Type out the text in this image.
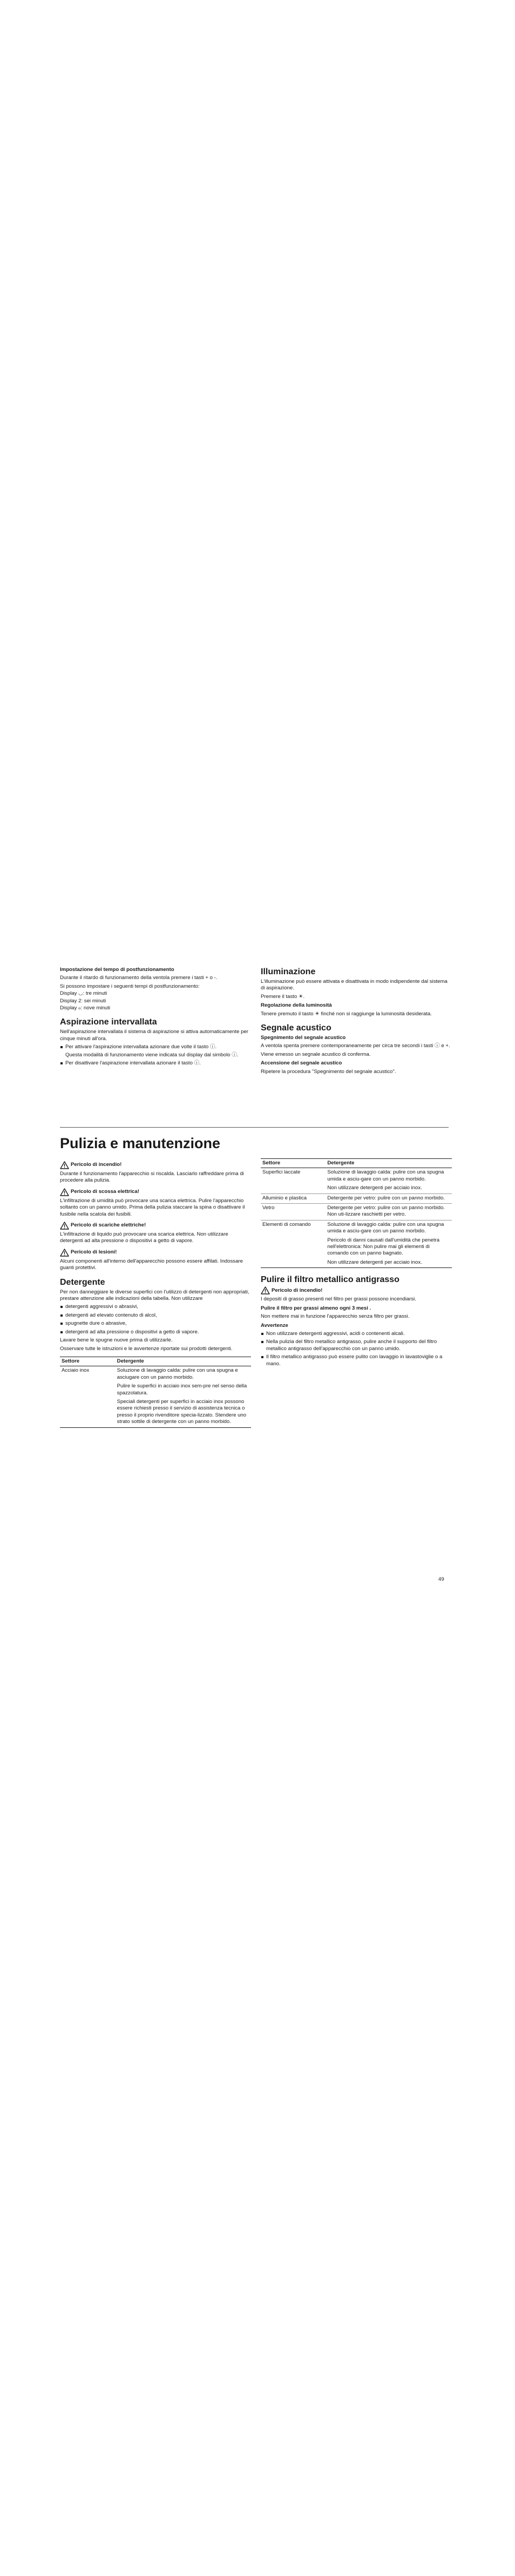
Impostazione del tempo di postfunzionamento

Durante il ritardo di funzionamento della ventola premere i tasti + o -.

Si possono impostare i seguenti tempi di postfunzionamento:

Display ◡: tre minuti
Display 2: sei minuti
Display ℴ: nove minuti
Aspirazione intervallata

Nell'aspirazione intervallata il sistema di aspirazione si attiva automaticamente per cinque minuti all'ora.

Per attivare l'aspirazione intervallata azionare due volte il tasto ⓘ.
Questa modalità di funzionamento viene indicata sul display dal simbolo ⓘ.
Per disattivare l'aspirazione intervallata azionare il tasto ⓘ.
Illuminazione

L'illuminazione può essere attivata e disattivata in modo indipendente dal sistema di aspirazione.

Premere il tasto ☀.

Regolazione della luminosità

Tenere premuto il tasto ☀ finché non si raggiunge la luminosità desiderata.

Segnale acustico
Spegnimento del segnale acustico

A ventola spenta premere contemporaneamente per circa tre secondi i tasti ⓘ e +.

Viene emesso un segnale acustico di conferma.

Accensione del segnale acustico

Ripetere la procedura "Spegnimento del segnale acustico".

Pulizia e manutenzione
Pericolo di incendio!

Durante il funzionamento l'apparecchio si riscalda. Lasciarlo raffreddare prima di procedere alla pulizia.

Pericolo di scossa elettrica!

L'infiltrazione di umidità può provocare una scarica elettrica. Pulire l'apparecchio soltanto con un panno umido. Prima della pulizia staccare la spina o disattivare il fusibile nella scatola dei fusibili.

Pericolo di scariche elettriche!

L'infiltrazione di liquido può provocare una scarica elettrica. Non utilizzare detergenti ad alta pressione o dispositivi a getto di vapore.

Pericolo di lesioni!

Alcuni componenti all'interno dell'apparecchio possono essere affilati. Indossare guanti protettivi.

Detergente

Per non danneggiare le diverse superfici con l'utilizzo di detergenti non appropriati, prestare attenzione alle indicazioni della tabella. Non utilizzare

detergenti aggressivi o abrasivi,
detergenti ad elevato contenuto di alcol,
spugnette dure o abrasive,
detergenti ad alta pressione o dispositivi a getto di vapore.

Lavare bene le spugne nuove prima di utilizzarle.

Osservare tutte le istruzioni e le avvertenze riportate sui prodotti detergenti.

Settore	Detergente
Acciaio inox	Soluzione di lavaggio calda: pulire con una spugna e asciugare con un panno morbido.
Pulire le superfici in acciaio inox sem-pre nel senso della spazzolatura.
Speciali detergenti per superfici in acciaio inox possono essere richiesti presso il servizio di assistenza tecnica o presso il proprio rivenditore specia-lizzato. Stendere uno strato sottile di detergente con un panno morbido.
Settore	Detergente
Superfici laccate	Soluzione di lavaggio calda: pulire con una spugna umida e asciu-gare con un panno morbido.
Non utilizzare detergenti per acciaio inox.

Alluminio e plastica	Detergente per vetro: pulire con un panno morbido.

Vetro	Detergente per vetro: pulire con un panno morbido. Non uti-lizzare raschietti per vetro.

Elementi di comando	Soluzione di lavaggio calda: pulire con una spugna umida e asciu-gare con un panno morbido.
Pericolo di danni causati dall'umidità che penetra nell'elettronica: Non pulire mai gli elementi di comando con un panno bagnato.
Non utilizzare detergenti per acciaio inox.
Pulire il filtro metallico antigrasso
Pericolo di incendio!

I depositi di grasso presenti nel filtro per grassi possono incendiarsi.

Pulire il filtro per grassi almeno ogni 3 mesi .

Non mettere mai in funzione l'apparecchio senza filtro per grassi.

Avvertenze
Non utilizzare detergenti aggressivi, acidi o contenenti alcali.
Nella pulizia del filtro metallico antigrasso, pulire anche il supporto del filtro metallico antigrasso dell'apparecchio con un panno umido.
Il filtro metallico antigrasso può essere pulito con lavaggio in lavastoviglie o a mano.
49
